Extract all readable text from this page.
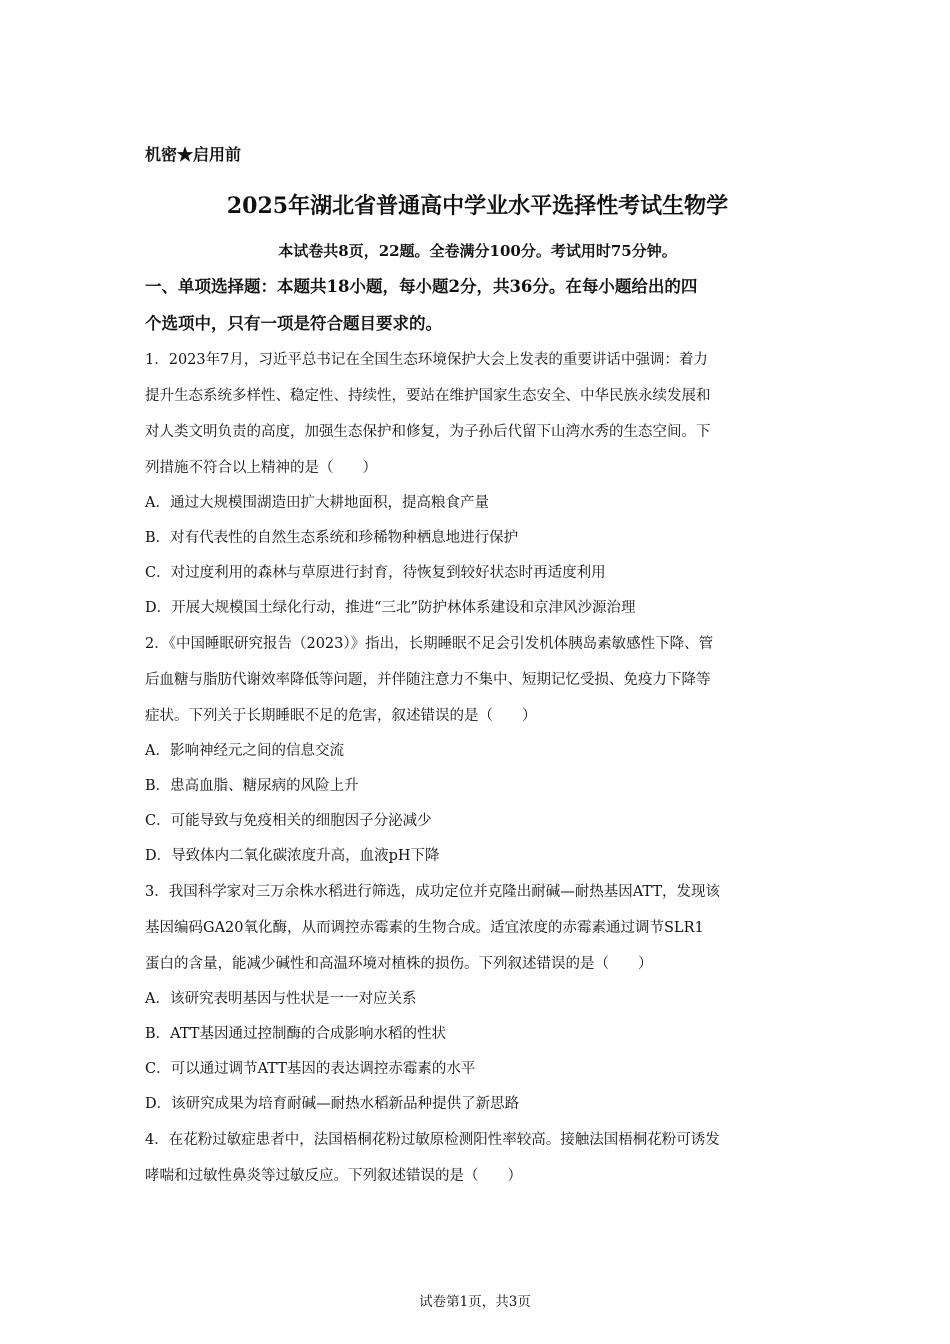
机密★启用前
2025年湖北省普通高中学业水平选择性考试生物学
本试卷共8页，22题。全卷满分100分。考试用时75分钟。
一、单项选择题：本题共18小题，每小题2分，共36分。在每小题给出的四
个选项中，只有一项是符合题目要求的。
1．2023年7月，习近平总书记在全国生态环境保护大会上发表的重要讲话中强调：着力
提升生态系统多样性、稳定性、持续性，要站在维护国家生态安全、中华民族永续发展和
对人类文明负责的高度，加强生态保护和修复，为子孙后代留下山湾水秀的生态空间。下
列措施不符合以上精神的是（　　）
A．通过大规模围湖造田扩大耕地面积，提高粮食产量
B．对有代表性的自然生态系统和珍稀物种栖息地进行保护
C．对过度利用的森林与草原进行封育，待恢复到较好状态时再适度利用
D．开展大规模国土绿化行动，推进“三北”防护林体系建设和京津风沙源治理
2．《中国睡眠研究报告（2023）》指出，长期睡眠不足会引发机体胰岛素敏感性下降、管
后血糖与脂肪代谢效率降低等问题，并伴随注意力不集中、短期记忆受损、免疫力下降等
症状。下列关于长期睡眠不足的危害，叙述错误的是（　　）
A．影响神经元之间的信息交流
B．患高血脂、糖尿病的风险上升
C．可能导致与免疫相关的细胞因子分泌减少
D．导致体内二氧化碳浓度升高，血液pH下降
3．我国科学家对三万余株水稻进行筛选，成功定位并克隆出耐碱—耐热基因ATT，发现该
基因编码GA20氧化酶，从而调控赤霉素的生物合成。适宜浓度的赤霉素通过调节SLR1
蛋白的含量，能减少碱性和高温环境对植株的损伤。下列叙述错误的是（　　）
A．该研究表明基因与性状是一一对应关系
B．ATT基因通过控制酶的合成影响水稻的性状
C．可以通过调节ATT基因的表达调控赤霉素的水平
D．该研究成果为培育耐碱—耐热水稻新品种提供了新思路
4．在花粉过敏症患者中，法国梧桐花粉过敏原检测阳性率较高。接触法国梧桐花粉可诱发
哮喘和过敏性鼻炎等过敏反应。下列叙述错误的是（　　）
试卷第1页，共3页
